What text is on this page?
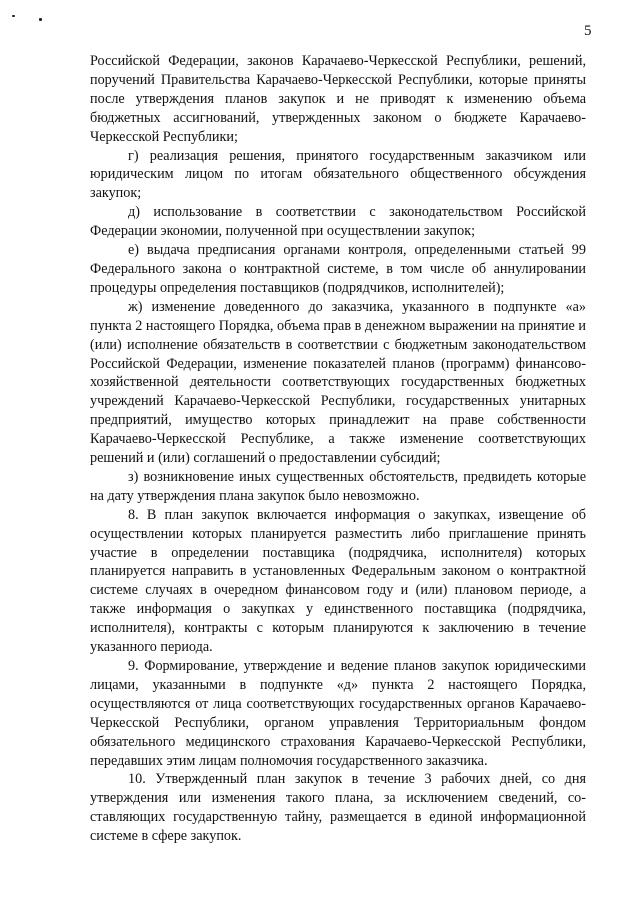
5

Российской Федерации, законов Карачаево-Черкесской Республики, решений, поручений Правительства Карачаево-Черкесской Республики, которые приняты после утверждения планов закупок и не приводят к изменению объема бюджетных ассигнований, утвержденных законом о бюджете Карачаево-Черкесской Республики;

г) реализация решения, принятого государственным заказчиком или юридическим лицом по итогам обязательного общественного обсуждения закупок;

д) использование в соответствии с законодательством Российской Федерации экономии, полученной при осуществлении закупок;

е) выдача предписания органами контроля, определенными статьей 99 Федерального закона о контрактной системе, в том числе об аннулировании процедуры определения поставщиков (подрядчиков, исполнителей);

ж) изменение доведенного до заказчика, указанного в подпункте «а» пункта 2 настоящего Порядка, объема прав в денежном выражении на принятие и (или) исполнение обязательств в соответствии с бюджетным законодательством Российской Федерации, изменение показателей планов (программ) финансово-хозяйственной деятельности соответствующих государственных бюджетных учреждений Карачаево-Черкесской Республики, государственных унитарных предприятий, имущество которых принадлежит на праве собственности Карачаево-Черкесской Республике, а также изменение соответствующих решений и (или) соглашений о предоставлении субсидий;

з) возникновение иных существенных обстоятельств, предвидеть которые на дату утверждения плана закупок было невозможно.

8. В план закупок включается информация о закупках, извещение об осуществлении которых планируется разместить либо приглашение принять участие в определении поставщика (подрядчика, исполнителя) которых планируется направить в установленных Федеральным законом о контрактной системе случаях в очередном финансовом году и (или) плановом периоде, а также информация о закупках у единственного поставщика (подрядчика, исполнителя), контракты с которым планируются к заключению в течение указанного периода.

9. Формирование, утверждение и ведение планов закупок юридическими лицами, указанными в подпункте «д» пункта 2 настоящего Порядка, осуществляются от лица соответствующих государственных органов Карачаево-Черкесской Республики, органом управления Территориальным фондом обязательного медицинского страхования Карачаево-Черкесской Республики, передавших этим лицам полномочия государственного заказчика.

10. Утвержденный план закупок в течение 3 рабочих дней, со дня утверждения или изменения такого плана, за исключением сведений, составляющих государственную тайну, размещается в единой информационной системе в сфере закупок.
